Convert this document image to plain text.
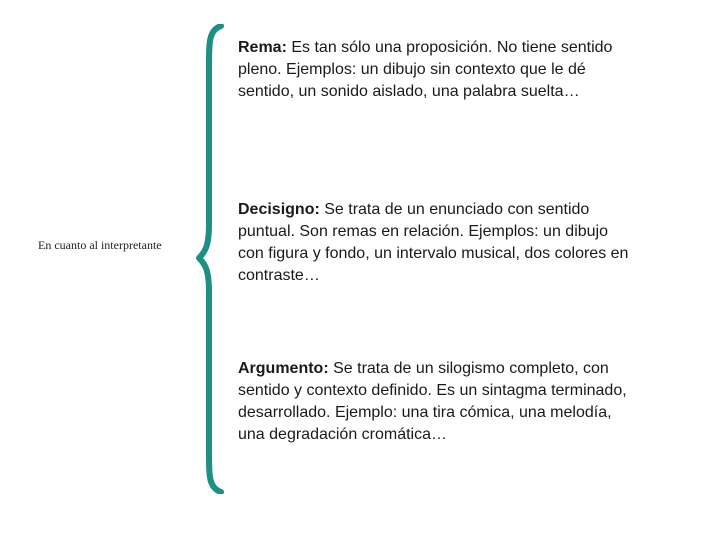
En cuanto al interpretante
Rema: Es tan sólo una proposición. No tiene sentido pleno. Ejemplos: un dibujo sin contexto que le dé sentido, un sonido aislado, una palabra suelta…
Decisigno: Se trata de un enunciado con sentido puntual. Son remas en relación. Ejemplos: un dibujo con figura y fondo, un intervalo musical, dos colores en contraste…
Argumento: Se trata de un silogismo completo, con sentido y contexto definido. Es un sintagma terminado, desarrollado. Ejemplo: una tira cómica, una melodía, una degradación cromática…
